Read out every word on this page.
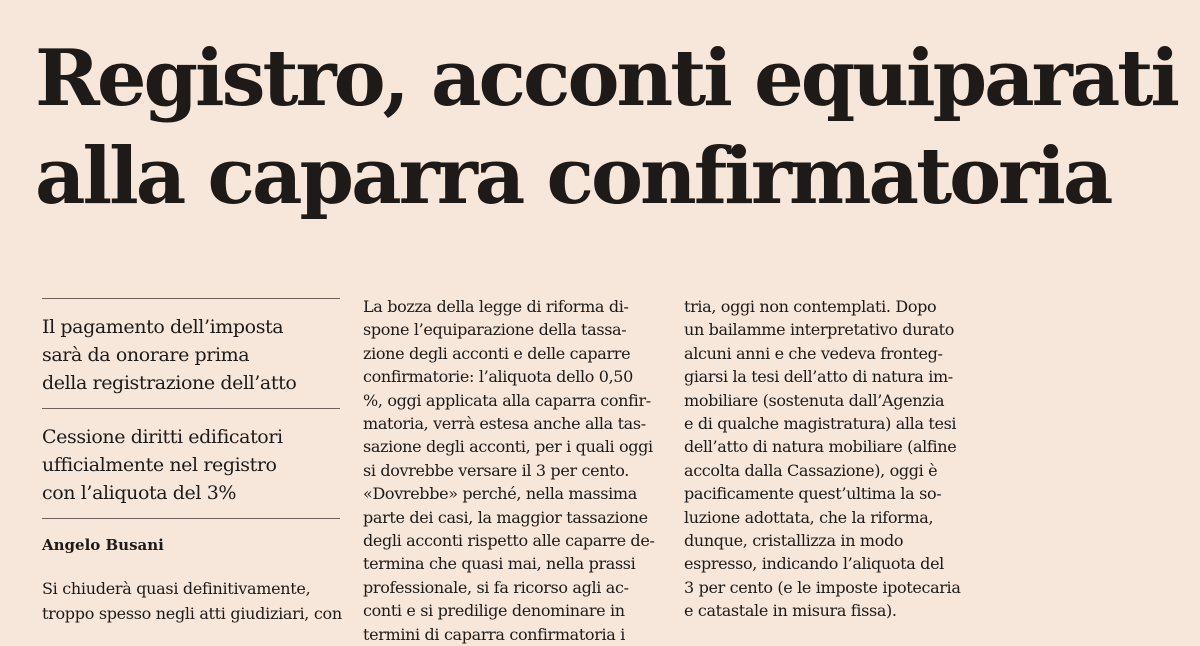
Registro, acconti equiparati
alla caparra confirmatoria
Il pagamento dell’imposta
sarà da onorare prima
della registrazione dell’atto
Cessione diritti edificatori
ufficialmente nel registro
con l’aliquota del 3%
Angelo Busani
Si chiuderà quasi definitivamente,
troppo spesso negli atti giudiziari, con
La bozza della legge di riforma di-
spone l’equiparazione della tassa-
zione degli acconti e delle caparre
confirmatorie: l’aliquota dello 0,50
%, oggi applicata alla caparra confir-
matoria, verrà estesa anche alla tas-
sazione degli acconti, per i quali oggi
si dovrebbe versare il 3 per cento.
«Dovrebbe» perché, nella massima
parte dei casi, la maggior tassazione
degli acconti rispetto alle caparre de-
termina che quasi mai, nella prassi
professionale, si fa ricorso agli ac-
conti e si predilige denominare in
termini di caparra confirmatoria i
tria, oggi non contemplati. Dopo
un bailamme interpretativo durato
alcuni anni e che vedeva fronteg-
giarsi la tesi dell’atto di natura im-
mobiliare (sostenuta dall’Agenzia
e di qualche magistratura) alla tesi
dell’atto di natura mobiliare (alfine
accolta dalla Cassazione), oggi è
pacificamente quest’ultima la so-
luzione adottata, che la riforma,
dunque, cristallizza in modo
espresso, indicando l’aliquota del
3 per cento (e le imposte ipotecaria
e catastale in misura fissa).
